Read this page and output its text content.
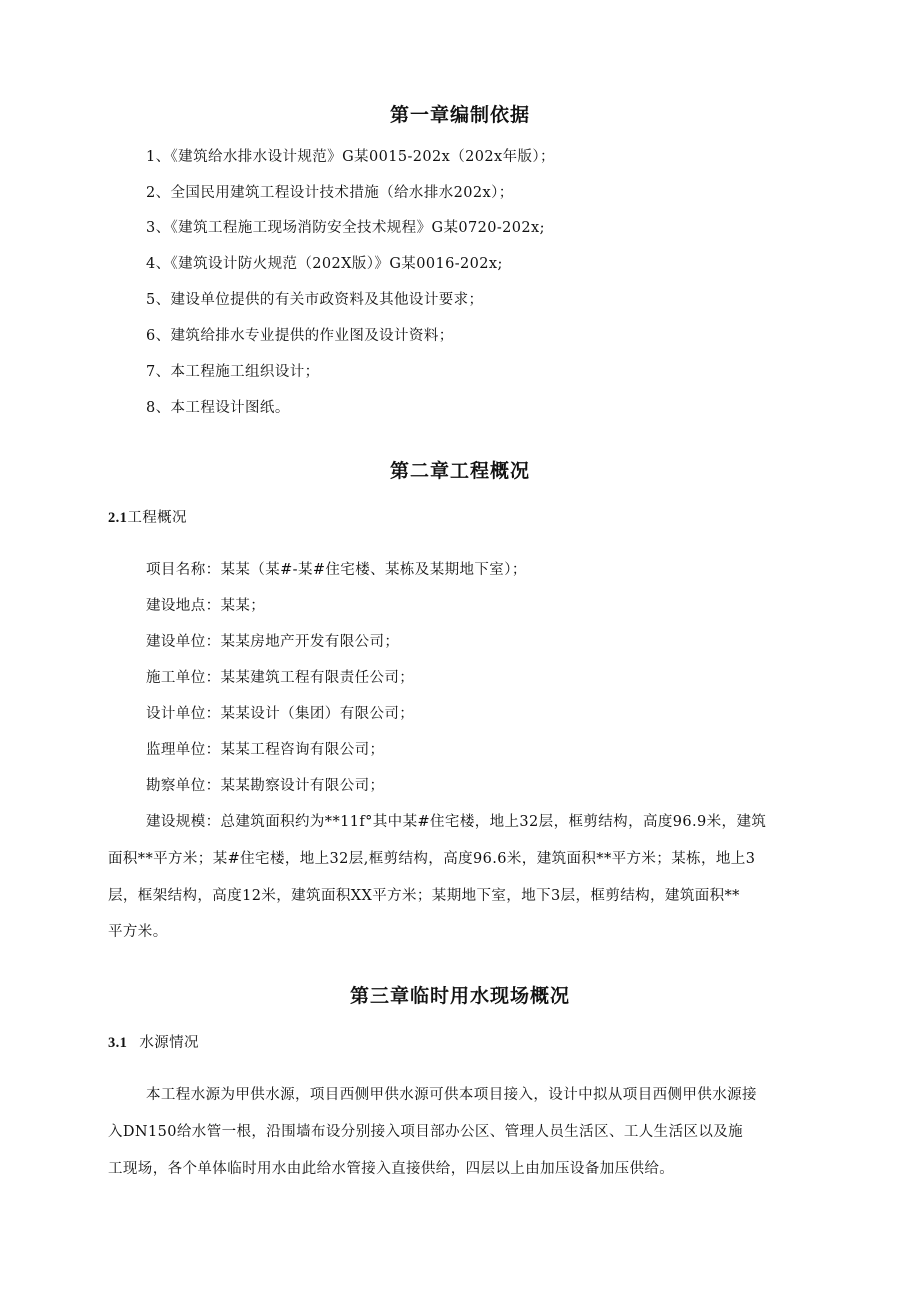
第一章编制依据
1、《建筑给水排水设计规范》G某0015-202x（202x年版）；
2、全国民用建筑工程设计技术措施（给水排水202x）；
3、《建筑工程施工现场消防安全技术规程》G某0720-202x;
4、《建筑设计防火规范（202X版）》G某0016-202x;
5、建设单位提供的有关市政资料及其他设计要求；
6、建筑给排水专业提供的作业图及设计资料；
7、本工程施工组织设计；
8、本工程设计图纸。
第二章工程概况
2.1工程概况
项目名称：某某（某#-某#住宅楼、某栋及某期地下室）；
建设地点：某某；
建设单位：某某房地产开发有限公司；
施工单位：某某建筑工程有限责任公司；
设计单位：某某设计（集团）有限公司；
监理单位：某某工程咨询有限公司；
勘察单位：某某勘察设计有限公司；
建设规模：总建筑面积约为**11f°其中某#住宅楼，地上32层，框剪结构，高度96.9米，建筑
面积**平方米；某#住宅楼，地上32层,框剪结构，高度96.6米，建筑面积**平方米；某栋，地上3
层，框架结构，高度12米，建筑面积XX平方米；某期地下室，地下3层，框剪结构，建筑面积**
平方米。
第三章临时用水现场概况
3.1 水源情况
本工程水源为甲供水源，项目西侧甲供水源可供本项目接入，设计中拟从项目西侧甲供水源接
入DN150给水管一根，沿围墙布设分别接入项目部办公区、管理人员生活区、工人生活区以及施
工现场，各个单体临时用水由此给水管接入直接供给，四层以上由加压设备加压供给。
